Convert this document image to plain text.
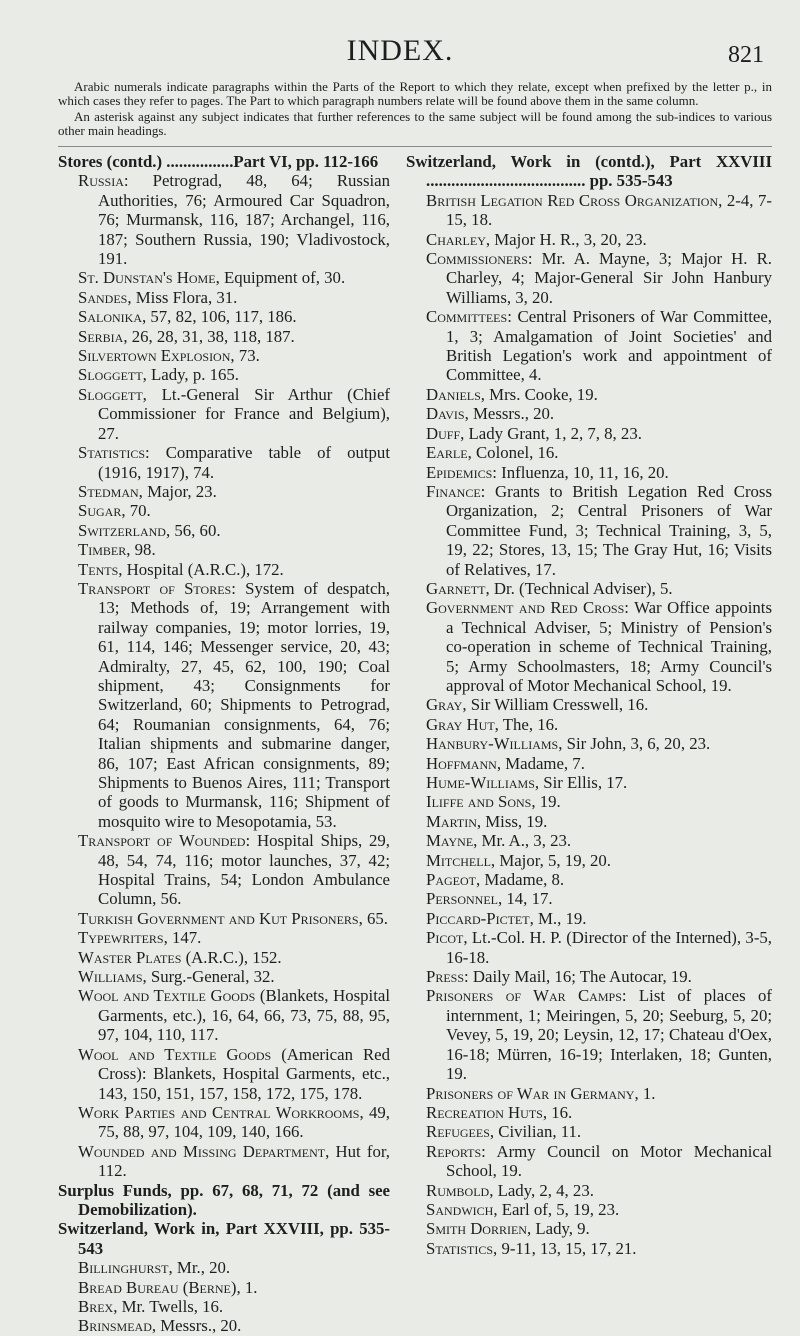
INDEX.	821

Arabic numerals indicate paragraphs within the Parts of the Report to which they relate, except when prefixed by the letter p., in which cases they refer to pages. The Part to which paragraph numbers relate will be found above them in the same column.

An asterisk against any subject indicates that further references to the same subject will be found among the sub-indices to various other main headings.

Stores (contd.) ................Part VI, pp. 112-166
Russia: Petrograd, 48, 64; Russian Authorities, 76; Armoured Car Squadron, 76; Murmansk, 116, 187; Archangel, 116, 187; Southern Russia, 190; Vladivostock, 191.
St. Dunstan's Home, Equipment of, 30.
Sandes, Miss Flora, 31.
Salonika, 57, 82, 106, 117, 186.
Serbia, 26, 28, 31, 38, 118, 187.
Silvertown Explosion, 73.
Sloggett, Lady, p. 165.
Sloggett, Lt.-General Sir Arthur (Chief Commissioner for France and Belgium), 27.
Statistics: Comparative table of output (1916, 1917), 74.
Stedman, Major, 23.
Sugar, 70.
Switzerland, 56, 60.
Timber, 98.
Tents, Hospital (A.R.C.), 172.
Transport of Stores: System of despatch, 13; Methods of, 19; Arrangement with railway companies, 19; motor lorries, 19, 61, 114, 146; Messenger service, 20, 43; Admiralty, 27, 45, 62, 100, 190; Coal shipment, 43; Consignments for Switzerland, 60; Shipments to Petrograd, 64; Roumanian consignments, 64, 76; Italian shipments and submarine danger, 86, 107; East African consignments, 89; Shipments to Buenos Aires, 111; Transport of goods to Murmansk, 116; Shipment of mosquito wire to Mesopotamia, 53.
Transport of Wounded: Hospital Ships, 29, 48, 54, 74, 116; motor launches, 37, 42; Hospital Trains, 54; London Ambulance Column, 56.
Turkish Government and Kut Prisoners, 65.
Typewriters, 147.
Waster Plates (A.R.C.), 152.
Williams, Surg.-General, 32.
Wool and Textile Goods (Blankets, Hospital Garments, etc.), 16, 64, 66, 73, 75, 88, 95, 97, 104, 110, 117.
Wool and Textile Goods (American Red Cross): Blankets, Hospital Garments, etc., 143, 150, 151, 157, 158, 172, 175, 178.
Work Parties and Central Workrooms, 49, 75, 88, 97, 104, 109, 140, 166.
Wounded and Missing Department, Hut for, 112.
Surplus Funds, pp. 67, 68, 71, 72 (and see Demobilization).
Switzerland, Work in, Part XXVIII, pp. 535-543
Billinghurst, Mr., 20.
Bread Bureau (Berne), 1.
Brex, Mr. Twells, 16.
Brinsmead, Messrs., 20.
Switzerland, Work in (contd.), Part XXVIII ...................................... pp. 535-543
British Legation Red Cross Organization, 2-4, 7-15, 18.
Charley, Major H. R., 3, 20, 23.
Commissioners: Mr. A. Mayne, 3; Major H. R. Charley, 4; Major-General Sir John Hanbury Williams, 3, 20.
Committees: Central Prisoners of War Committee, 1, 3; Amalgamation of Joint Societies' and British Legation's work and appointment of Committee, 4.
Daniels, Mrs. Cooke, 19.
Davis, Messrs., 20.
Duff, Lady Grant, 1, 2, 7, 8, 23.
Earle, Colonel, 16.
Epidemics: Influenza, 10, 11, 16, 20.
Finance: Grants to British Legation Red Cross Organization, 2; Central Prisoners of War Committee Fund, 3; Technical Training, 3, 5, 19, 22; Stores, 13, 15; The Gray Hut, 16; Visits of Relatives, 17.
Garnett, Dr. (Technical Adviser), 5.
Government and Red Cross: War Office appoints a Technical Adviser, 5; Ministry of Pension's co-operation in scheme of Technical Training, 5; Army Schoolmasters, 18; Army Council's approval of Motor Mechanical School, 19.
Gray, Sir William Cresswell, 16.
Gray Hut, The, 16.
Hanbury-Williams, Sir John, 3, 6, 20, 23.
Hoffmann, Madame, 7.
Hume-Williams, Sir Ellis, 17.
Iliffe and Sons, 19.
Martin, Miss, 19.
Mayne, Mr. A., 3, 23.
Mitchell, Major, 5, 19, 20.
Pageot, Madame, 8.
Personnel, 14, 17.
Piccard-Pictet, M., 19.
Picot, Lt.-Col. H. P. (Director of the Interned), 3-5, 16-18.
Press: Daily Mail, 16; The Autocar, 19.
Prisoners of War Camps: List of places of internment, 1; Meiringen, 5, 20; Seeburg, 5, 20; Vevey, 5, 19, 20; Leysin, 12, 17; Chateau d'Oex, 16-18; Mürren, 16-19; Interlaken, 18; Gunten, 19.
Prisoners of War in Germany, 1.
Recreation Huts, 16.
Refugees, Civilian, 11.
Reports: Army Council on Motor Mechanical School, 19.
Rumbold, Lady, 2, 4, 23.
Sandwich, Earl of, 5, 19, 23.
Smith Dorrien, Lady, 9.
Statistics, 9-11, 13, 15, 17, 21.
